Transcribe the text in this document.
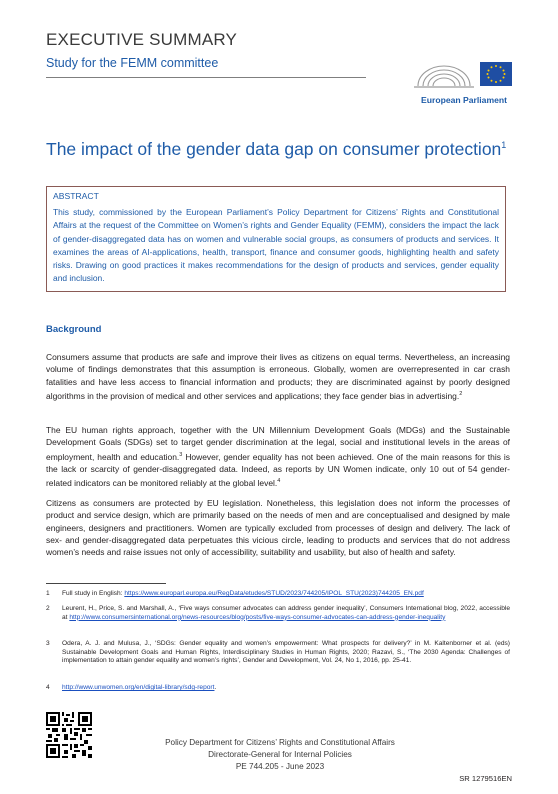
EXECUTIVE SUMMARY
Study for the FEMM committee
European Parliament
The impact of the gender data gap on consumer protection$^1$
ABSTRACT
This study, commissioned by the European Parliament’s Policy Department for Citizens’ Rights and Constitutional Affairs at the request of the Committee on Women’s rights and Gender Equality (FEMM), considers the impact the lack of gender-disaggregated data has on women and vulnerable social groups, as consumers of products and services. It examines the areas of AI-applications, health, transport, finance and consumer goods, highlighting health and safety risks. Drawing on good practices it makes recommendations for the design of products and services, gender equality and inclusion.
Background
Consumers assume that products are safe and improve their lives as citizens on equal terms. Nevertheless, an increasing volume of findings demonstrates that this assumption is erroneous. Globally, women are overrepresented in car crash fatalities and have less access to financial information and products; they are discriminated against by poorly designed algorithms in the provision of medical and other services and applications; they face gender bias in advertising.$^2$
The EU human rights approach, together with the UN Millennium Development Goals (MDGs) and the Sustainable Development Goals (SDGs) set to target gender discrimination at the legal, social and institutional levels in the areas of employment, health and education.$^3$ However, gender equality has not been achieved. One of the main reasons for this is the lack or scarcity of gender-disaggregated data. Indeed, as reports by UN Women indicate, only 10 out of 54 gender-related indicators can be monitored reliably at the global level.$^4$
Citizens as consumers are protected by EU legislation. Nonetheless, this legislation does not inform the processes of product and service design, which are primarily based on the needs of men and are conceptualised and designed by male engineers, designers and practitioners. Women are typically excluded from processes of design and delivery. The lack of sex- and gender-disaggregated data perpetuates this vicious circle, leading to products and services that do not address women’s needs and raise issues not only of accessibility, suitability and usability, but also of health and safety.
1	Full study in English: https://www.europarl.europa.eu/RegData/etudes/STUD/2023/744205/IPOL_STU(2023)744205_EN.pdf
2	Leurent, H., Price, S. and Marshall, A., ‘Five ways consumer advocates can address gender inequality’, Consumers International blog, 2022, accessible at http://www.consumersinternational.org/news-resources/blog/posts/five-ways-consumer-advocates-can-address-gender-inequality
3	Odera, A. J. and Mulusa, J., ‘SDGs: Gender equality and women’s empowerment: What prospects for delivery?’ in M. Kaltenborner et al. (eds) Sustainable Development Goals and Human Rights, Interdisciplinary Studies in Human Rights, 2020; Razavi, S., ‘The 2030 Agenda: Challenges of implementation to attain gender equality and women’s rights’, Gender and Development, Vol. 24, No 1, 2016, pp. 25-41.
4	http://www.unwomen.org/en/digital-library/sdg-report.
Policy Department for Citizens’ Rights and Constitutional Affairs
Directorate-General for Internal Policies
PE 744.205 - June 2023
SR 1279516EN
